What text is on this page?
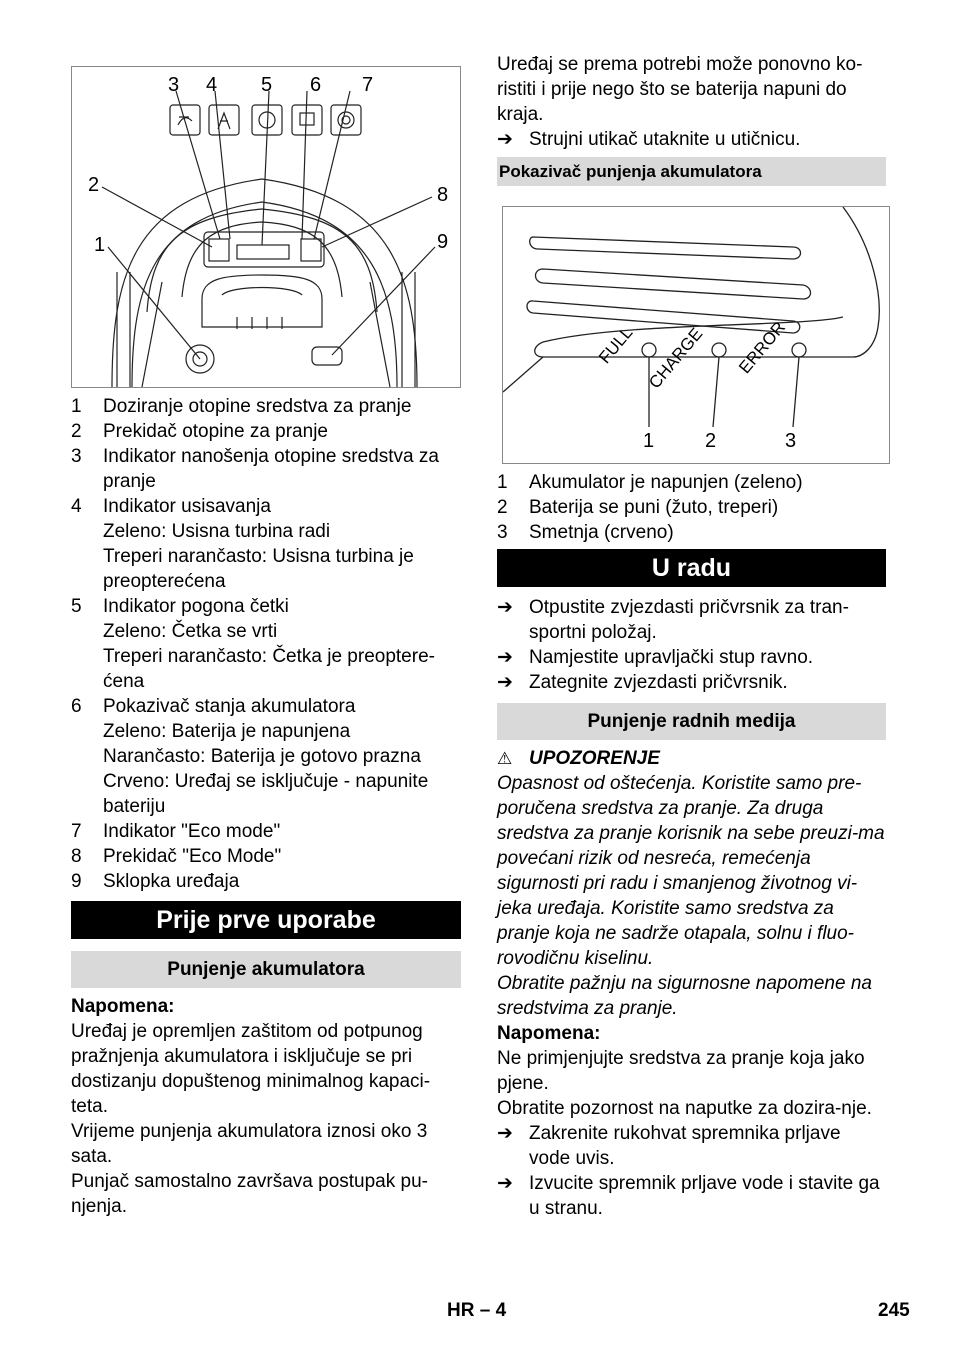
3 4 5 6 7
2	8
1	9
1	Doziranje otopine sredstva za pranje
2	Prekidač otopine za pranje
3	Indikator nanošenja otopine sredstva za pranje
4	Indikator usisavanja
Zeleno: Usisna turbina radi
Treperi narančasto: Usisna turbina je preopterećena
5	Indikator pogona četki
Zeleno: Četka se vrti
Treperi narančasto: Četka je preoptere-ćena
6	Pokazivač stanja akumulatora
Zeleno: Baterija je napunjena
Narančasto: Baterija je gotovo prazna
Crveno: Uređaj se isključuje - napunite bateriju
7	Indikator "Eco mode"
8	Prekidač "Eco Mode"
9	Sklopka uređaja
Prije prve uporabe
Punjenje akumulatora

Napomena:

Uređaj je opremljen zaštitom od potpunog pražnjenja akumulatora i isključuje se pri dostizanju dopuštenog minimalnog kapaci-teta.

Vrijeme punjenja akumulatora iznosi oko 3 sata.

Punjač samostalno završava postupak pu-njenja.

Uređaj se prema potrebi može ponovno ko-ristiti i prije nego što se baterija napuni do kraja.

➔ Strujni utikač utaknite u utičnicu.
Pokazivač punjenja akumulatora
FULL CHARGE ERROR
1	2	3
1	Akumulator je napunjen (zeleno)
2	Baterija se puni (žuto, treperi)
3	Smetnja (crveno)
U radu
➔ Otpustite zvjezdasti pričvrsnik za tran-sportni položaj.
➔ Namjestite upravljački stup ravno.
➔ Zategnite zvjezdasti pričvrsnik.
Punjenje radnih medija
⚠ UPOZORENJE

Opasnost od oštećenja. Koristite samo pre-poručena sredstva za pranje. Za druga sredstva za pranje korisnik na sebe preuzi-ma povećani rizik od nesreća, remećenja sigurnosti pri radu i smanjenog životnog vi-jeka uređaja. Koristite samo sredstva za pranje koja ne sadrže otapala, solnu i fluo-rovodičnu kiselinu.

Obratite pažnju na sigurnosne napomene na sredstvima za pranje.

Napomena:

Ne primjenjujte sredstva za pranje koja jako pjene.

Obratite pozornost na naputke za dozira-nje.

➔ Zakrenite rukohvat spremnika prljave vode uvis.
➔ Izvucite spremnik prljave vode i stavite ga u stranu.
HR – 4	245
